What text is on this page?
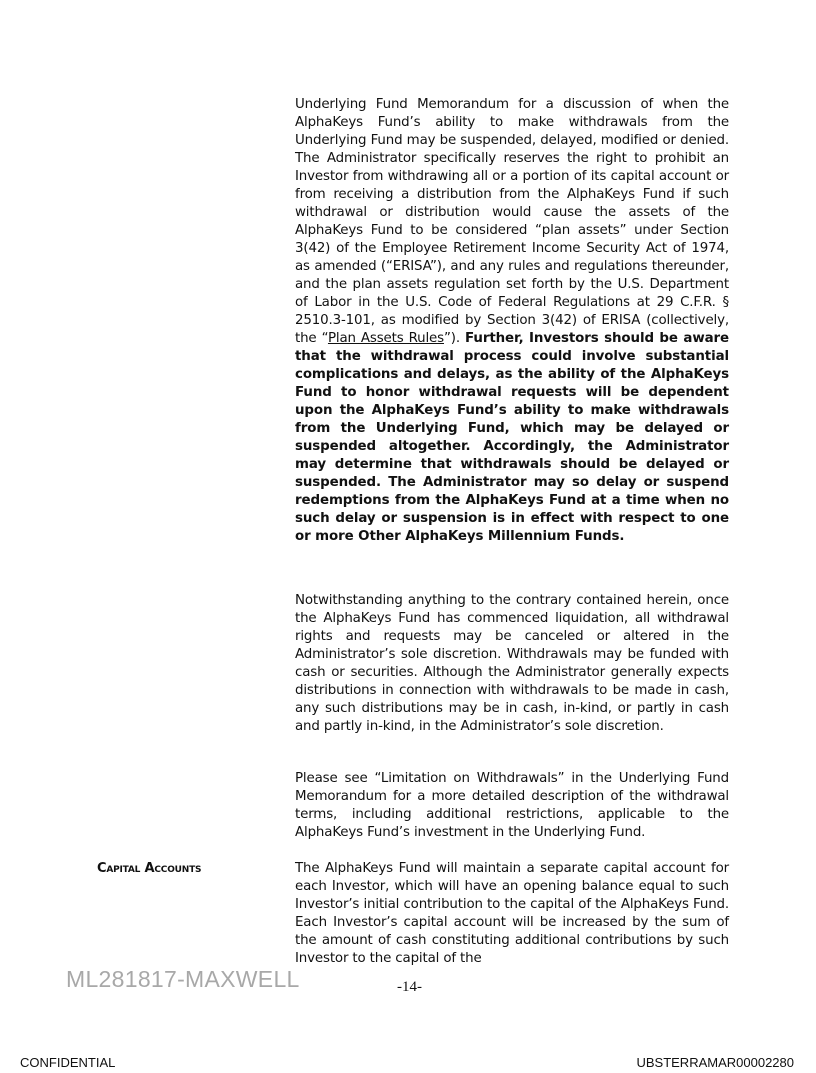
Underlying Fund Memorandum for a discussion of when the AlphaKeys Fund’s ability to make withdrawals from the Underlying Fund may be suspended, delayed, modified or denied. The Administrator specifically reserves the right to prohibit an Investor from withdrawing all or a portion of its capital account or from receiving a distribution from the AlphaKeys Fund if such withdrawal or distribution would cause the assets of the AlphaKeys Fund to be considered “plan assets” under Section 3(42) of the Employee Retirement Income Security Act of 1974, as amended (“ERISA”), and any rules and regulations thereunder, and the plan assets regulation set forth by the U.S. Department of Labor in the U.S. Code of Federal Regulations at 29 C.F.R. § 2510.3-101, as modified by Section 3(42) of ERISA (collectively, the “Plan Assets Rules”). Further, Investors should be aware that the withdrawal process could involve substantial complications and delays, as the ability of the AlphaKeys Fund to honor withdrawal requests will be dependent upon the AlphaKeys Fund’s ability to make withdrawals from the Underlying Fund, which may be delayed or suspended altogether. Accordingly, the Administrator may determine that withdrawals should be delayed or suspended. The Administrator may so delay or suspend redemptions from the AlphaKeys Fund at a time when no such delay or suspension is in effect with respect to one or more Other AlphaKeys Millennium Funds.

Notwithstanding anything to the contrary contained herein, once the AlphaKeys Fund has commenced liquidation, all withdrawal rights and requests may be canceled or altered in the Administrator’s sole discretion. Withdrawals may be funded with cash or securities. Although the Administrator generally expects distributions in connection with withdrawals to be made in cash, any such distributions may be in cash, in-kind, or partly in cash and partly in-kind, in the Administrator’s sole discretion.

Please see “Limitation on Withdrawals” in the Underlying Fund Memorandum for a more detailed description of the withdrawal terms, including additional restrictions, applicable to the AlphaKeys Fund’s investment in the Underlying Fund.

Capital Accounts	The AlphaKeys Fund will maintain a separate capital account for each Investor, which will have an opening balance equal to such Investor’s initial contribution to the capital of the AlphaKeys Fund. Each Investor’s capital account will be increased by the sum of the amount of cash constituting additional contributions by such Investor to the capital of the

ML281817-MAXWELL	-14-
CONFIDENTIAL	UBSTERRAMAR00002280
